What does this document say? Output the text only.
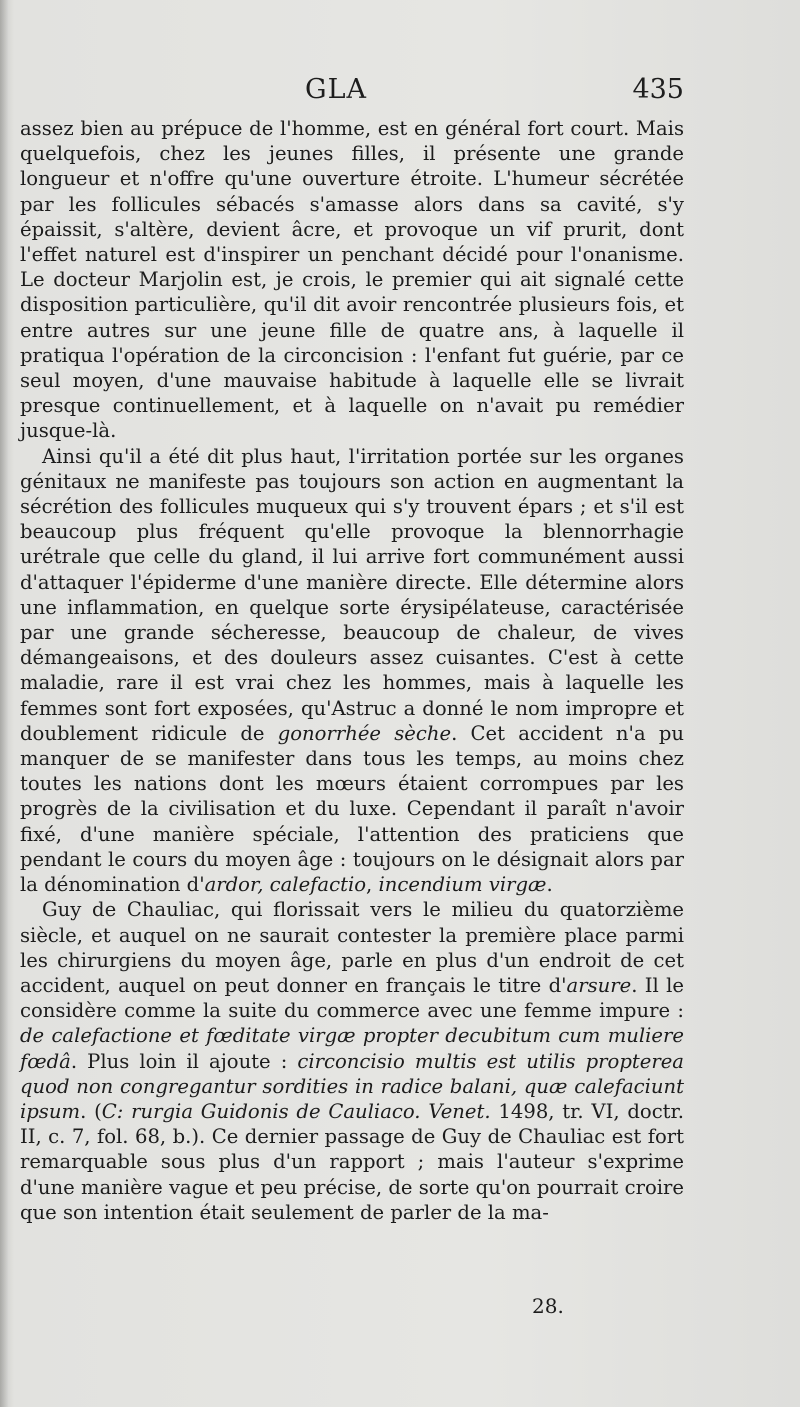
GLA	435

assez bien au prépuce de l'homme, est en général fort court. Mais quelquefois, chez les jeunes filles, il présente une grande longueur et n'offre qu'une ouverture étroite. L'humeur sécrétée par les follicules sébacés s'amasse alors dans sa cavité, s'y épaissit, s'altère, devient âcre, et provoque un vif prurit, dont l'effet naturel est d'inspirer un penchant décidé pour l'onanisme. Le docteur Marjolin est, je crois, le premier qui ait signalé cette disposition particulière, qu'il dit avoir rencontrée plusieurs fois, et entre autres sur une jeune fille de quatre ans, à laquelle il pratiqua l'opération de la circoncision : l'enfant fut guérie, par ce seul moyen, d'une mauvaise habitude à laquelle elle se livrait presque continuellement, et à laquelle on n'avait pu remédier jusque-là.

Ainsi qu'il a été dit plus haut, l'irritation portée sur les organes génitaux ne manifeste pas toujours son action en augmentant la sécrétion des follicules muqueux qui s'y trouvent épars ; et s'il est beaucoup plus fréquent qu'elle provoque la blennorrhagie urétrale que celle du gland, il lui arrive fort communément aussi d'attaquer l'épiderme d'une manière directe. Elle détermine alors une inflammation, en quelque sorte érysipélateuse, caractérisée par une grande sécheresse, beaucoup de chaleur, de vives démangeaisons, et des douleurs assez cuisantes. C'est à cette maladie, rare il est vrai chez les hommes, mais à laquelle les femmes sont fort exposées, qu'Astruc a donné le nom impropre et doublement ridicule de gonorrhée sèche. Cet accident n'a pu manquer de se manifester dans tous les temps, au moins chez toutes les nations dont les mœurs étaient corrompues par les progrès de la civilisation et du luxe. Cependant il paraît n'avoir fixé, d'une manière spéciale, l'attention des praticiens que pendant le cours du moyen âge : toujours on le désignait alors par la dénomination d'ardor, calefactio, incendium virgæ.

Guy de Chauliac, qui florissait vers le milieu du quatorzième siècle, et auquel on ne saurait contester la première place parmi les chirurgiens du moyen âge, parle en plus d'un endroit de cet accident, auquel on peut donner en français le titre d'arsure. Il le considère comme la suite du commerce avec une femme impure : de calefactione et fœditate virgæ propter decubitum cum muliere fœdâ. Plus loin il ajoute : circoncisio multis est utilis propterea quod non congregantur sordities in radice balani, quæ calefaciunt ipsum. (C: rurgia Guidonis de Cauliaco. Venet. 1498, tr. VI, doctr. II, c. 7, fol. 68, b.). Ce dernier passage de Guy de Chauliac est fort remarquable sous plus d'un rapport ; mais l'auteur s'exprime d'une manière vague et peu précise, de sorte qu'on pourrait croire que son intention était seulement de parler de la ma-

28.
